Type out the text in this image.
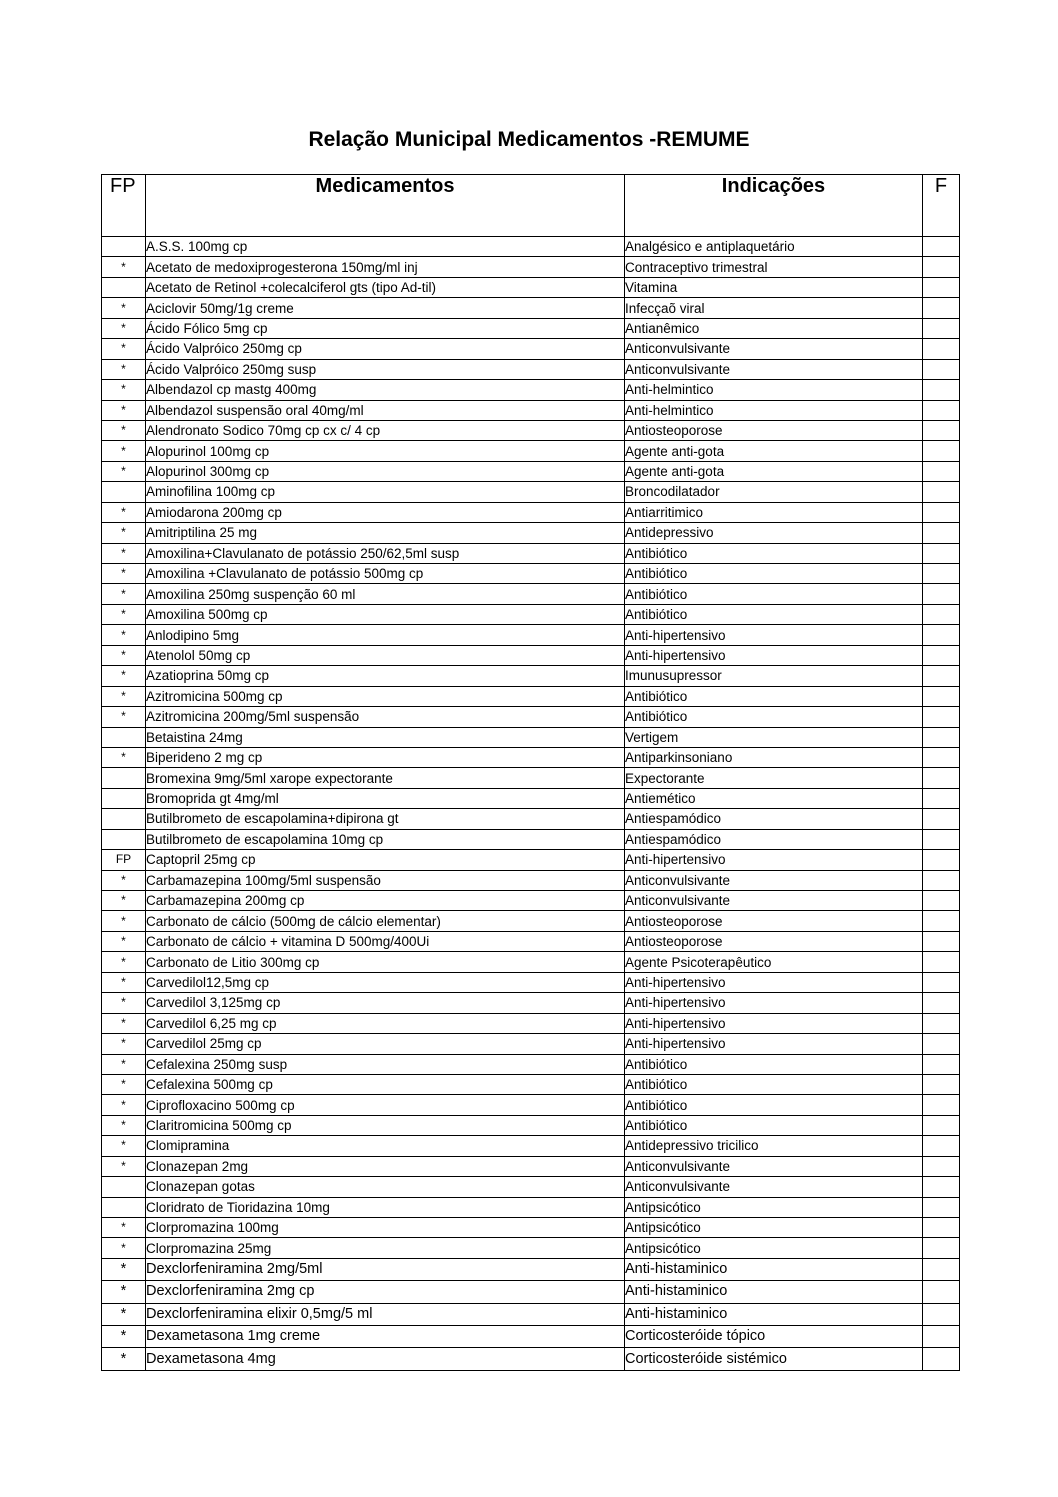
Relação Municipal Medicamentos -REMUME
FP	Medicamentos	Indicações	F
	A.S.S. 100mg cp	Analgésico e antiplaquetário	
*	Acetato de medoxiprogesterona 150mg/ml inj	Contraceptivo trimestral	
	Acetato de Retinol +colecalciferol gts (tipo Ad-til)	Vitamina	
*	Aciclovir 50mg/1g creme	Infecçaõ viral	
*	Ácido Fólico 5mg cp	Antianêmico	
*	Ácido Valpróico 250mg cp	Anticonvulsivante	
*	Ácido Valpróico 250mg susp	Anticonvulsivante	
*	Albendazol cp mastg 400mg	Anti-helmintico	
*	Albendazol suspensão oral 40mg/ml	Anti-helmintico	
*	Alendronato Sodico 70mg cp cx c/ 4 cp	Antiosteoporose	
*	Alopurinol 100mg cp	Agente anti-gota	
*	Alopurinol 300mg cp	Agente anti-gota	
	Aminofilina 100mg cp	Broncodilatador	
*	Amiodarona 200mg cp	Antiarritimico	
*	Amitriptilina 25 mg	Antidepressivo	
*	Amoxilina+Clavulanato de potássio 250/62,5ml susp	Antibiótico	
*	Amoxilina +Clavulanato de potássio 500mg cp	Antibiótico	
*	Amoxilina 250mg suspenção 60 ml	Antibiótico	
*	Amoxilina 500mg cp	Antibiótico	
*	Anlodipino 5mg	Anti-hipertensivo	
*	Atenolol 50mg cp	Anti-hipertensivo	
*	Azatioprina 50mg cp	Imunusupressor	
*	Azitromicina 500mg cp	Antibiótico	
*	Azitromicina 200mg/5ml suspensão	Antibiótico	
	Betaistina 24mg	Vertigem	
*	Biperideno 2 mg cp	Antiparkinsoniano	
	Bromexina 9mg/5ml xarope expectorante	Expectorante	
	Bromoprida gt 4mg/ml	Antiemético	
	Butilbrometo de escapolamina+dipirona gt	Antiespamódico	
	Butilbrometo de escapolamina 10mg cp	Antiespamódico	
FP	Captopril 25mg cp	Anti-hipertensivo	
*	Carbamazepina 100mg/5ml suspensão	Anticonvulsivante	
*	Carbamazepina 200mg cp	Anticonvulsivante	
*	Carbonato de cálcio (500mg de cálcio elementar)	Antiosteoporose	
*	Carbonato de cálcio + vitamina D 500mg/400Ui	Antiosteoporose	
*	Carbonato de Litio 300mg cp	Agente Psicoterapêutico	
*	Carvedilol12,5mg cp	Anti-hipertensivo	
*	Carvedilol 3,125mg cp	Anti-hipertensivo	
*	Carvedilol 6,25 mg cp	Anti-hipertensivo	
*	Carvedilol 25mg cp	Anti-hipertensivo	
*	Cefalexina 250mg susp	Antibiótico	
*	Cefalexina 500mg cp	Antibiótico	
*	Ciprofloxacino 500mg cp	Antibiótico	
*	Claritromicina 500mg cp	Antibiótico	
*	Clomipramina	Antidepressivo tricilico	
*	Clonazepan 2mg	Anticonvulsivante	
	Clonazepan gotas	Anticonvulsivante	
	Cloridrato de Tioridazina 10mg	Antipsicótico	
*	Clorpromazina 100mg	Antipsicótico	
*	Clorpromazina 25mg	Antipsicótico	
*	Dexclorfeniramina 2mg/5ml	Anti-histaminico	
*	Dexclorfeniramina 2mg cp	Anti-histaminico	
*	Dexclorfeniramina elixir 0,5mg/5 ml	Anti-histaminico	
*	Dexametasona 1mg creme	Corticosteróide tópico	
*	Dexametasona 4mg	Corticosteróide sistémico	
